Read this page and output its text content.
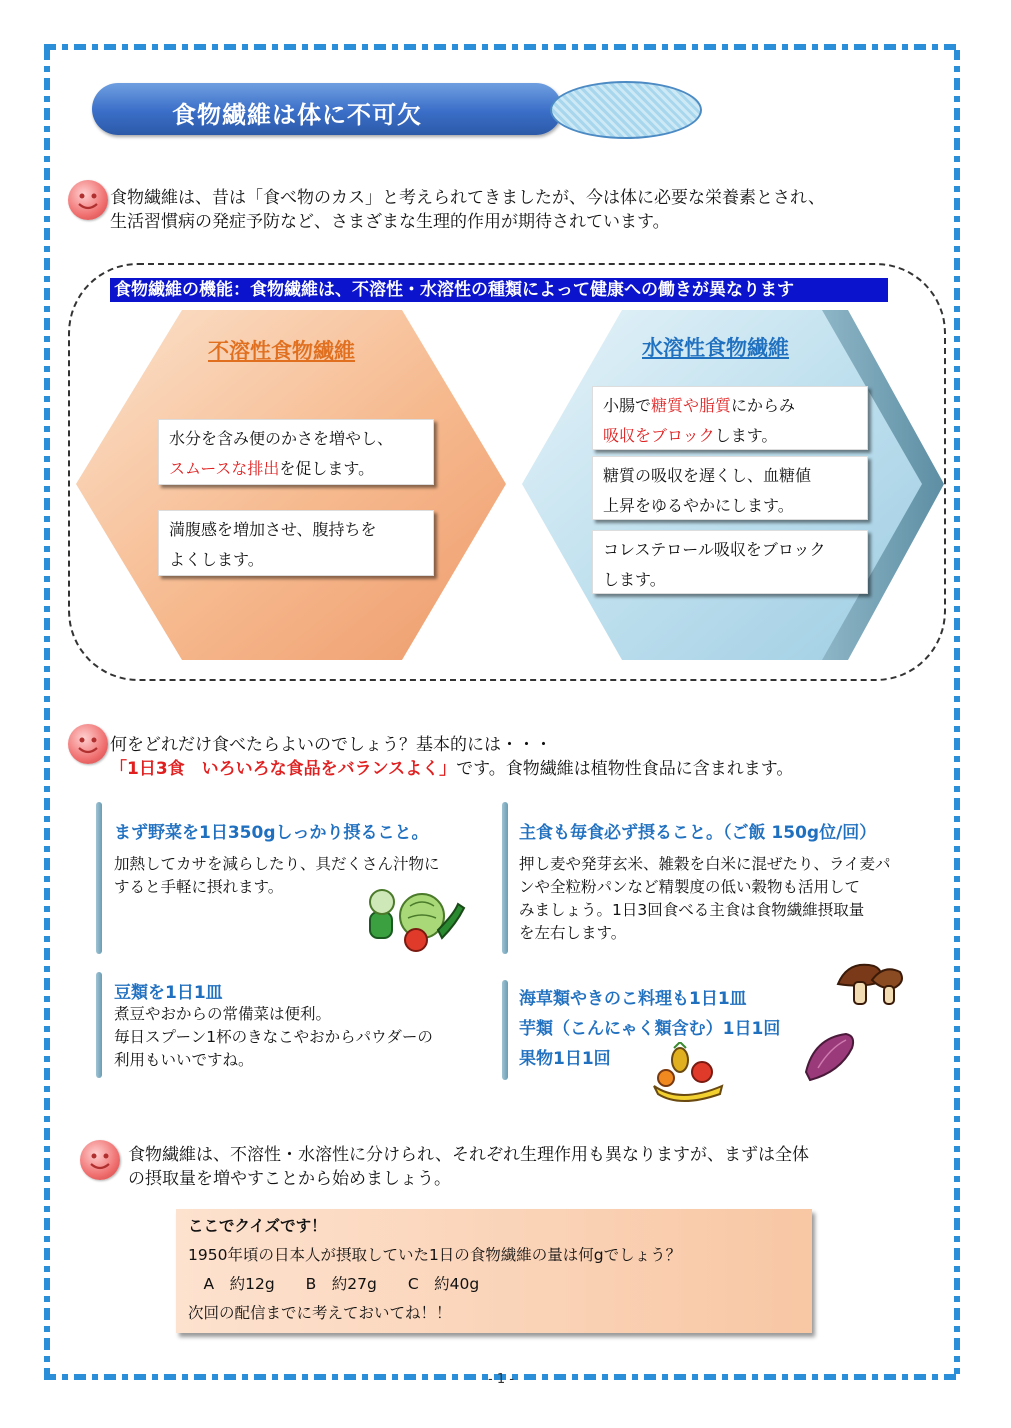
食物繊維は体に不可欠
食物繊維は、昔は「食べ物のカス」と考えられてきましたが、今は体に必要な栄養素とされ、
生活習慣病の発症予防など、さまざまな生理的作用が期待されています。
食物繊維の機能：食物繊維は、不溶性・水溶性の種類によって健康への働きが異なります
不溶性食物繊維
水分を含み便のかさを増やし、
スムースな排出を促します。
満腹感を増加させ、腹持ちを
よくします。
水溶性食物繊維
小腸で糖質や脂質にからみ
吸収をブロックします。
糖質の吸収を遅くし、血糖値
上昇をゆるやかにします。
コレステロール吸収をブロック
します。
何をどれだけ食べたらよいのでしょう？基本的には・・・
「1日3食　いろいろな食品をバランスよく」です。食物繊維は植物性食品に含まれます。
まず野菜を1日350gしっかり摂ること。
加熱してカサを減らしたり、具だくさん汁物に
すると手軽に摂れます。
主食も毎食必ず摂ること。（ご飯 150g位/回）
押し麦や発芽玄米、雑穀を白米に混ぜたり、ライ麦パ
ンや全粒粉パンなど精製度の低い穀物も活用して
みましょう。1日3回食べる主食は食物繊維摂取量
を左右します。
豆類を1日1皿
煮豆やおからの常備菜は便利。
毎日スプーン1杯のきなこやおからパウダーの
利用もいいですね。
海草類やきのこ料理も1日1皿
芋類（こんにゃく類含む）1日1回
果物1日1回
食物繊維は、不溶性・水溶性に分けられ、それぞれ生理作用も異なりますが、まずは全体
の摂取量を増やすことから始めましょう。
ここでクイズです！
1950年頃の日本人が摂取していた1日の食物繊維の量は何gでしょう？
　A　約12g　　B　約27g　　C　約40g
次回の配信までに考えておいてね！！
- 1 -
